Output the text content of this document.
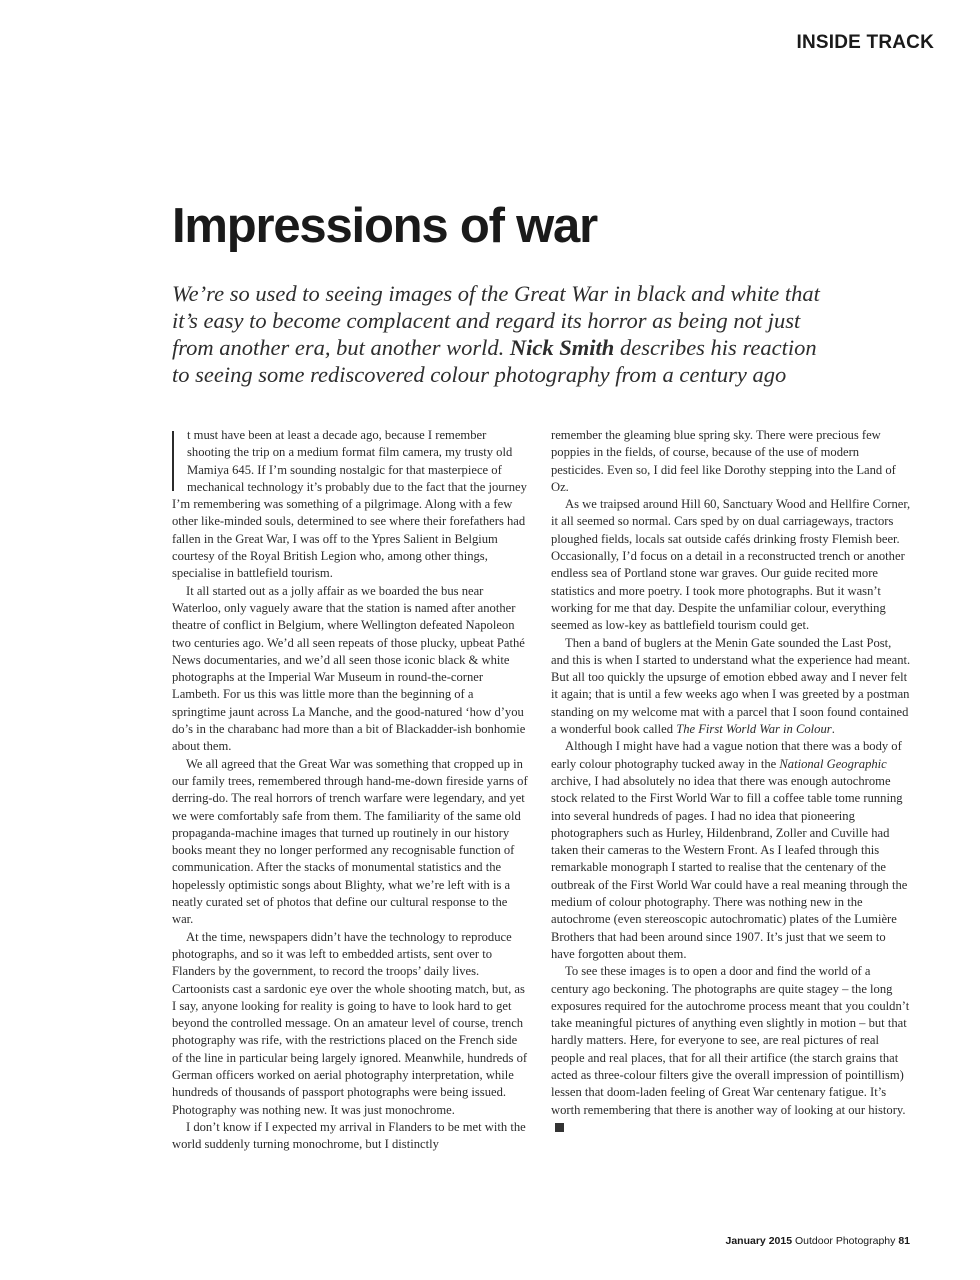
INSIDE TRACK
Impressions of war

We’re so used to seeing images of the Great War in black and white that it’s easy to become complacent and regard its horror as being not just from another era, but another world. Nick Smith describes his reaction to seeing some rediscovered colour photography from a century ago

t must have been at least a decade ago, because I remember shooting the trip on a medium format film camera, my trusty old Mamiya 645. If I’m sounding nostalgic for that masterpiece of mechanical technology it’s probably due to the fact that the journey I’m remembering was something of a pilgrimage. Along with a few other like-minded souls, determined to see where their forefathers had fallen in the Great War, I was off to the Ypres Salient in Belgium courtesy of the Royal British Legion who, among other things, specialise in battlefield tourism.

It all started out as a jolly affair as we boarded the bus near Waterloo, only vaguely aware that the station is named after another theatre of conflict in Belgium, where Wellington defeated Napoleon two centuries ago. We’d all seen repeats of those plucky, upbeat Pathé News documentaries, and we’d all seen those iconic black & white photographs at the Imperial War Museum in round-the-corner Lambeth. For us this was little more than the beginning of a springtime jaunt across La Manche, and the good-natured ‘how d’you do’s in the charabanc had more than a bit of Blackadder-ish bonhomie about them.

We all agreed that the Great War was something that cropped up in our family trees, remembered through hand-me-down fireside yarns of derring-do. The real horrors of trench warfare were legendary, and yet we were comfortably safe from them. The familiarity of the same old propaganda-machine images that turned up routinely in our history books meant they no longer performed any recognisable function of communication. After the stacks of monumental statistics and the hopelessly optimistic songs about Blighty, what we’re left with is a neatly curated set of photos that define our cultural response to the war.

At the time, newspapers didn’t have the technology to reproduce photographs, and so it was left to embedded artists, sent over to Flanders by the government, to record the troops’ daily lives. Cartoonists cast a sardonic eye over the whole shooting match, but, as I say, anyone looking for reality is going to have to look hard to get beyond the controlled message. On an amateur level of course, trench photography was rife, with the restrictions placed on the French side of the line in particular being largely ignored. Meanwhile, hundreds of German officers worked on aerial photography interpretation, while hundreds of thousands of passport photographs were being issued. Photography was nothing new. It was just monochrome.

I don’t know if I expected my arrival in Flanders to be met with the world suddenly turning monochrome, but I distinctly

remember the gleaming blue spring sky. There were precious few poppies in the fields, of course, because of the use of modern pesticides. Even so, I did feel like Dorothy stepping into the Land of Oz.

As we traipsed around Hill 60, Sanctuary Wood and Hellfire Corner, it all seemed so normal. Cars sped by on dual carriageways, tractors ploughed fields, locals sat outside cafés drinking frosty Flemish beer. Occasionally, I’d focus on a detail in a reconstructed trench or another endless sea of Portland stone war graves. Our guide recited more statistics and more poetry. I took more photographs. But it wasn’t working for me that day. Despite the unfamiliar colour, everything seemed as low-key as battlefield tourism could get.

Then a band of buglers at the Menin Gate sounded the Last Post, and this is when I started to understand what the experience had meant. But all too quickly the upsurge of emotion ebbed away and I never felt it again; that is until a few weeks ago when I was greeted by a postman standing on my welcome mat with a parcel that I soon found contained a wonderful book called The First World War in Colour.

Although I might have had a vague notion that there was a body of early colour photography tucked away in the National Geographic archive, I had absolutely no idea that there was enough autochrome stock related to the First World War to fill a coffee table tome running into several hundreds of pages. I had no idea that pioneering photographers such as Hurley, Hildenbrand, Zoller and Cuville had taken their cameras to the Western Front. As I leafed through this remarkable monograph I started to realise that the centenary of the outbreak of the First World War could have a real meaning through the medium of colour photography. There was nothing new in the autochrome (even stereoscopic autochromatic) plates of the Lumière Brothers that had been around since 1907. It’s just that we seem to have forgotten about them.

To see these images is to open a door and find the world of a century ago beckoning. The photographs are quite stagey – the long exposures required for the autochrome process meant that you couldn’t take meaningful pictures of anything even slightly in motion – but that hardly matters. Here, for everyone to see, are real pictures of real people and real places, that for all their artifice (the starch grains that acted as three-colour filters give the overall impression of pointillism) lessen that doom-laden feeling of Great War centenary fatigue. It’s worth remembering that there is another way of looking at our history.

January 2015 Outdoor Photography 81
